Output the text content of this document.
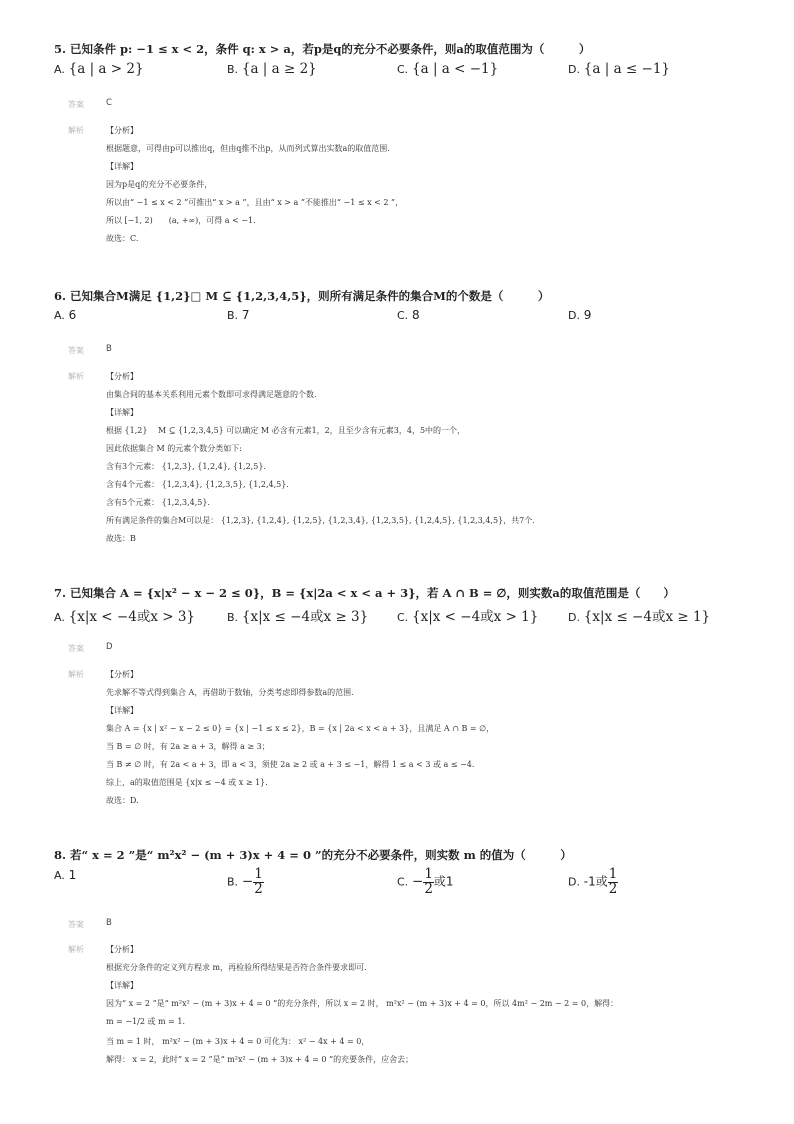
5. 已知条件 p: −1 ≤ x < 2，条件 q: x > a，若p是q的充分不必要条件，则a的取值范围为（　　　）
A. {a | a > 2}	B. {a | a ≥ 2}	C. {a | a < −1}	D. {a | a ≤ −1}
答案	C
解析	【分析】
根据题意，可得由p可以推出q，但由q推不出p，从而列式算出实数a的取值范围.
【详解】
因为p是q的充分不必要条件，
所以由“ −1 ≤ x < 2 ”可推出“ x > a ”，且由“ x > a ”不能推出“ −1 ≤ x < 2 ”，
所以 [−1, 2)　　(a, +∞)，可得 a < −1.
故选：C.
6. 已知集合M满足 {1,2}□ M ⊆ {1,2,3,4,5}，则所有满足条件的集合M的个数是（　　　）
A. 6	B. 7	C. 8	D. 9
答案	B
解析	【分析】
由集合间的基本关系利用元素个数即可求得满足题意的个数.
【详解】
根据 {1,2}　 M ⊆ {1,2,3,4,5} 可以确定 M 必含有元素1，2，且至少含有元素3，4，5中的一个，
因此依据集合 M 的元素个数分类如下:
含有3个元素： {1,2,3}, {1,2,4}, {1,2,5}.
含有4个元素： {1,2,3,4}, {1,2,3,5}, {1,2,4,5}.
含有5个元素： {1,2,3,4,5}.
所有满足条件的集合M可以是： {1,2,3}, {1,2,4}, {1,2,5}, {1,2,3,4}, {1,2,3,5}, {1,2,4,5}, {1,2,3,4,5}，共7个.
故选：B
7. 已知集合 A = {x|x² − x − 2 ≤ 0}，B = {x|2a < x < a + 3}，若 A ∩ B = ∅，则实数a的取值范围是（　　）
A. {x|x < −4或x > 3}	B. {x|x ≤ −4或x ≥ 3}	C. {x|x < −4或x > 1}	D. {x|x ≤ −4或x ≥ 1}
答案	D
解析	【分析】
先求解不等式得到集合 A，再借助于数轴，分类考虑即得参数a的范围.
【详解】
集合 A = {x | x² − x − 2 ≤ 0} = {x | −1 ≤ x ≤ 2}，B = {x | 2a < x < a + 3}，且满足 A ∩ B = ∅，
当 B = ∅ 时，有 2a ≥ a + 3，解得 a ≥ 3；
当 B ≠ ∅ 时，有 2a < a + 3，即 a < 3，须使 2a ≥ 2 或 a + 3 ≤ −1，解得 1 ≤ a < 3 或 a ≤ −4.
综上，a的取值范围是 {x|x ≤ −4 或 x ≥ 1}.
故选：D.
8. 若“ x = 2 ”是“ m²x² − (m + 3)x + 4 = 0 ”的充分不必要条件，则实数 m 的值为（　　　）
A. 1	B. − $\frac{1}{2}$	C. − $\frac{1}{2}$ 或1	D. -1或 $\frac{1}{2}$
答案	B
解析	【分析】
根据充分条件的定义列方程求 m，再检验所得结果是否符合条件要求即可.
【详解】
因为“ x = 2 ”是“ m²x² − (m + 3)x + 4 = 0 ”的充分条件，所以 x = 2 时， m²x² − (m + 3)x + 4 = 0，所以 4m² − 2m − 2 = 0，解得：
m = −1/2 或 m = 1.
当 m = 1 时， m²x² − (m + 3)x + 4 = 0 可化为： x² − 4x + 4 = 0，
解得： x = 2，此时“ x = 2 ”是“ m²x² − (m + 3)x + 4 = 0 ”的充要条件，应舍去；
